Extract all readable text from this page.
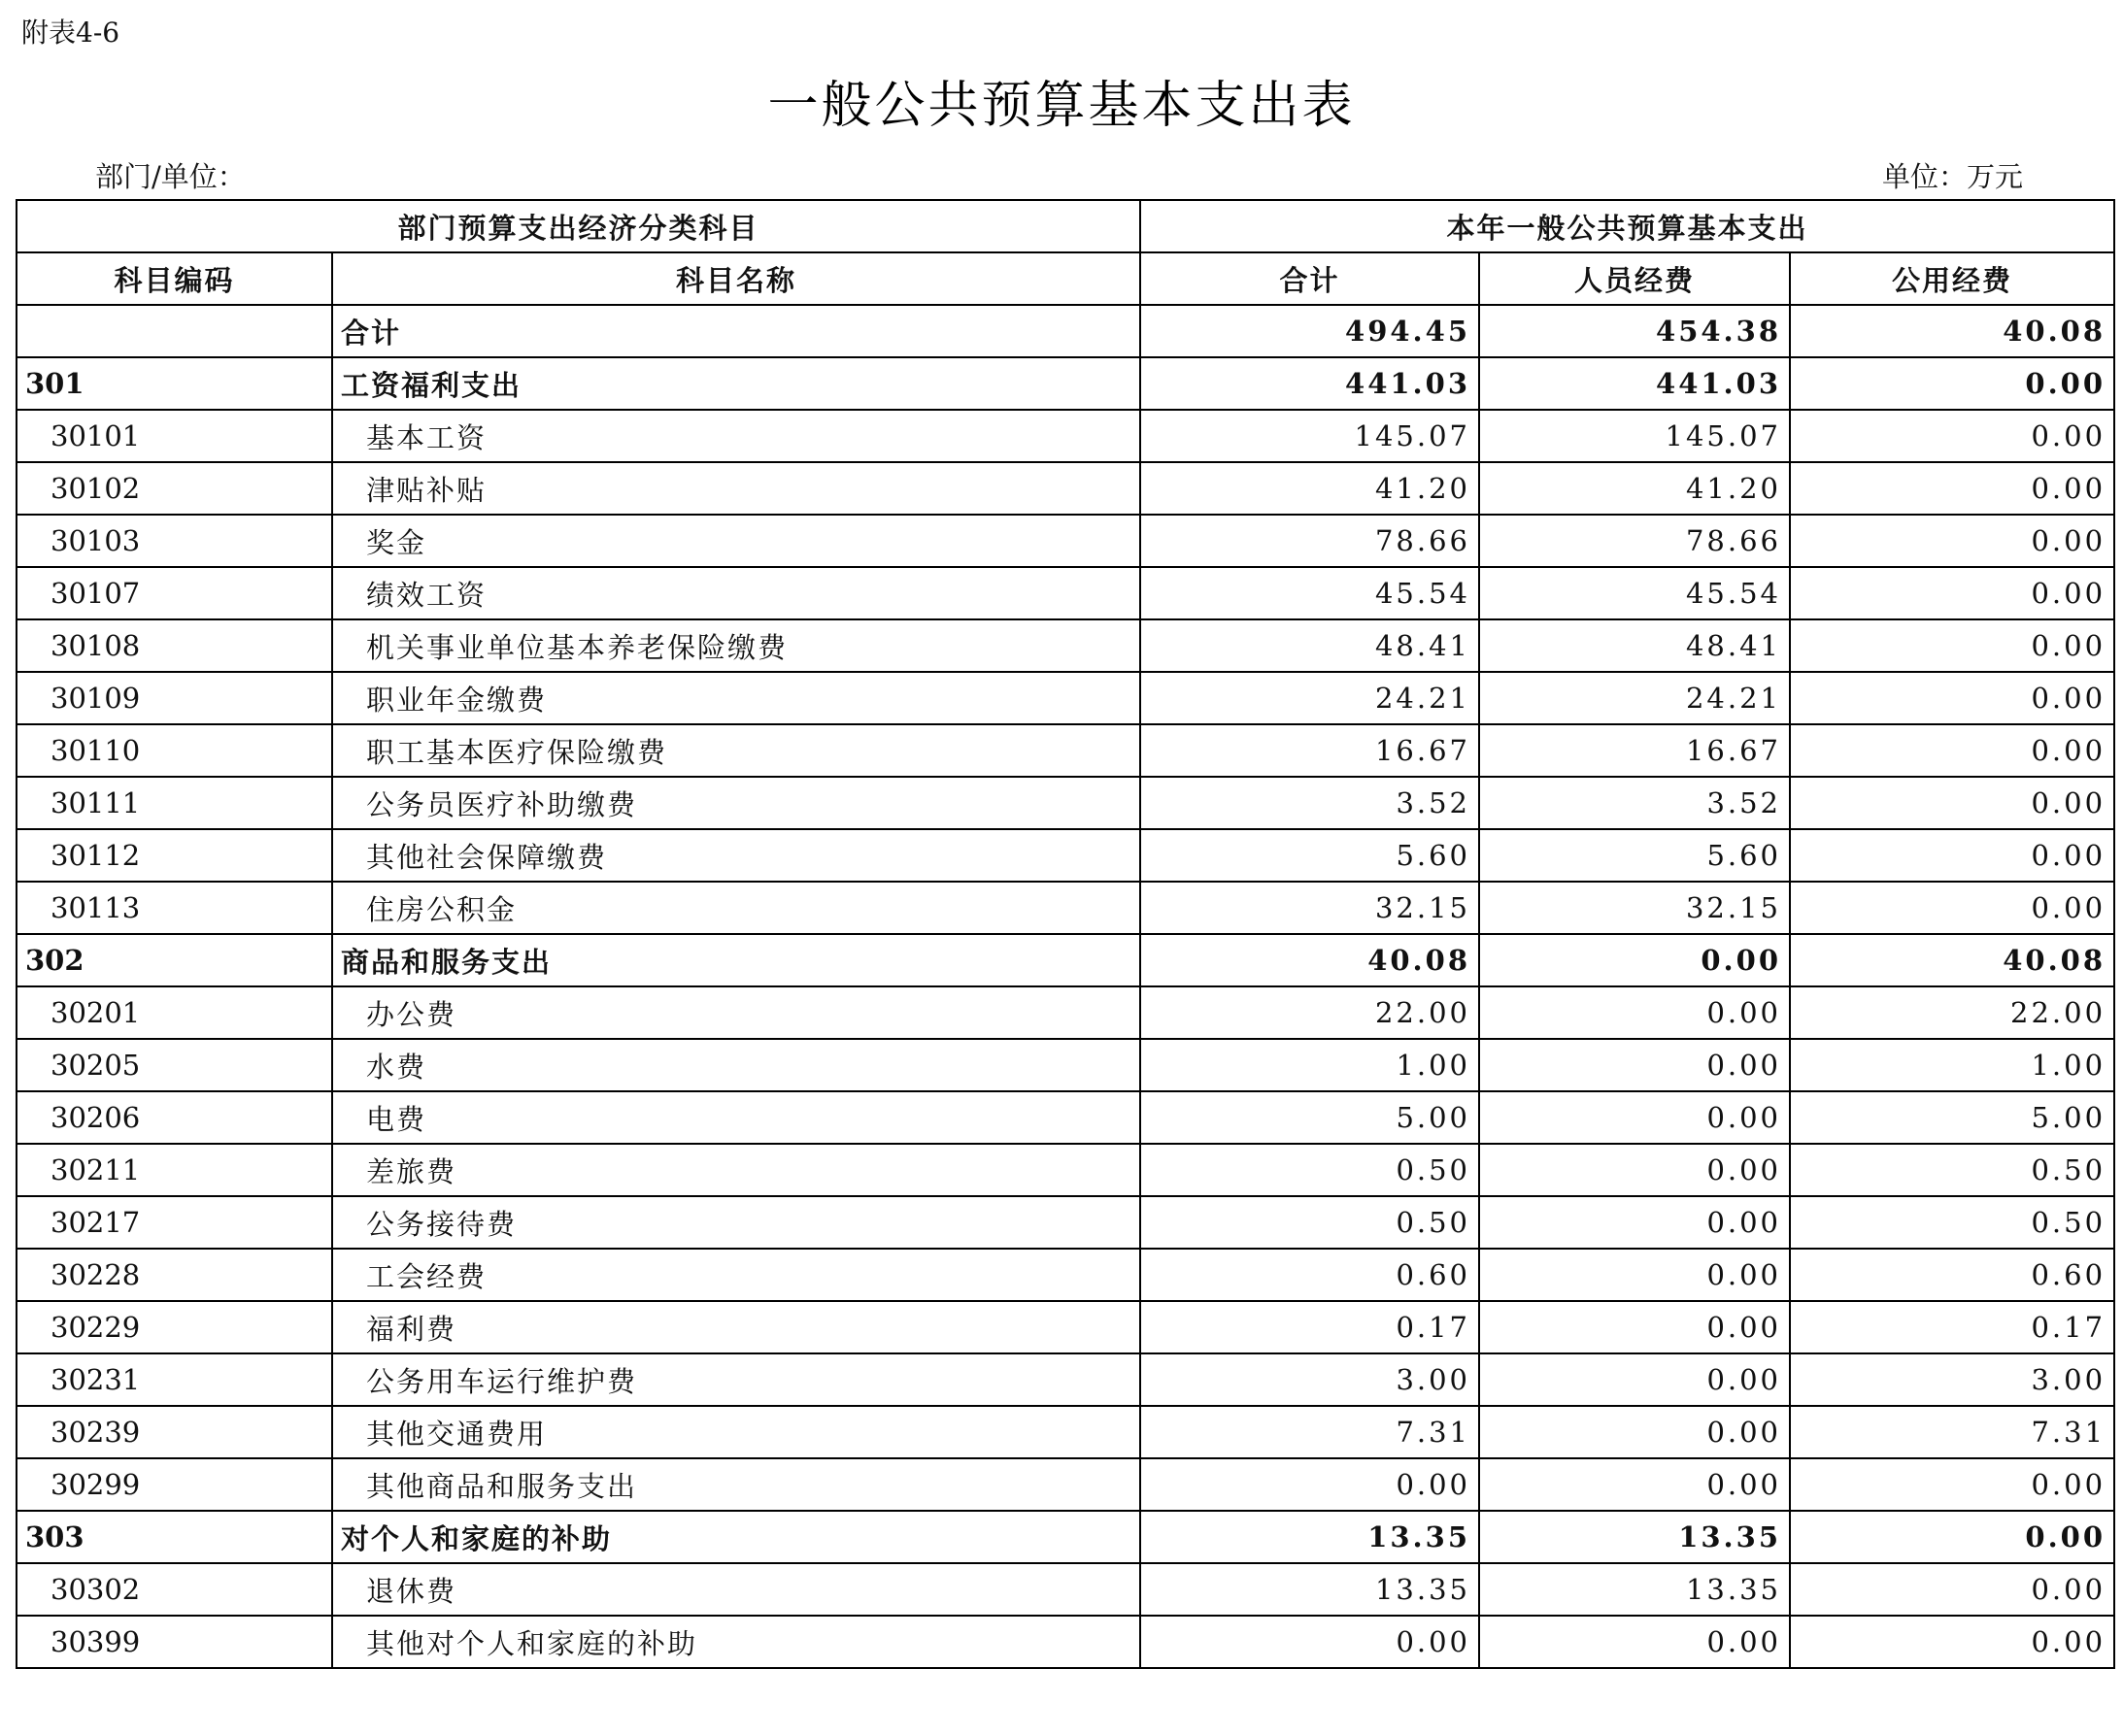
附表4-6
一般公共预算基本支出表
部门/单位：	单位：万元
部门预算支出经济分类科目		本年一般公共预算基本支出		
科目编码	科目名称	合计	人员经费	公用经费
	合计	494.45	454.38	40.08
301	工资福利支出	441.03	441.03	0.00
30101	基本工资	145.07	145.07	0.00
30102	津贴补贴	41.20	41.20	0.00
30103	奖金	78.66	78.66	0.00
30107	绩效工资	45.54	45.54	0.00
30108	机关事业单位基本养老保险缴费	48.41	48.41	0.00
30109	职业年金缴费	24.21	24.21	0.00
30110	职工基本医疗保险缴费	16.67	16.67	0.00
30111	公务员医疗补助缴费	3.52	3.52	0.00
30112	其他社会保障缴费	5.60	5.60	0.00
30113	住房公积金	32.15	32.15	0.00
302	商品和服务支出	40.08	0.00	40.08
30201	办公费	22.00	0.00	22.00
30205	水费	1.00	0.00	1.00
30206	电费	5.00	0.00	5.00
30211	差旅费	0.50	0.00	0.50
30217	公务接待费	0.50	0.00	0.50
30228	工会经费	0.60	0.00	0.60
30229	福利费	0.17	0.00	0.17
30231	公务用车运行维护费	3.00	0.00	3.00
30239	其他交通费用	7.31	0.00	7.31
30299	其他商品和服务支出	0.00	0.00	0.00
303	对个人和家庭的补助	13.35	13.35	0.00
30302	退休费	13.35	13.35	0.00
30399	其他对个人和家庭的补助	0.00	0.00	0.00
